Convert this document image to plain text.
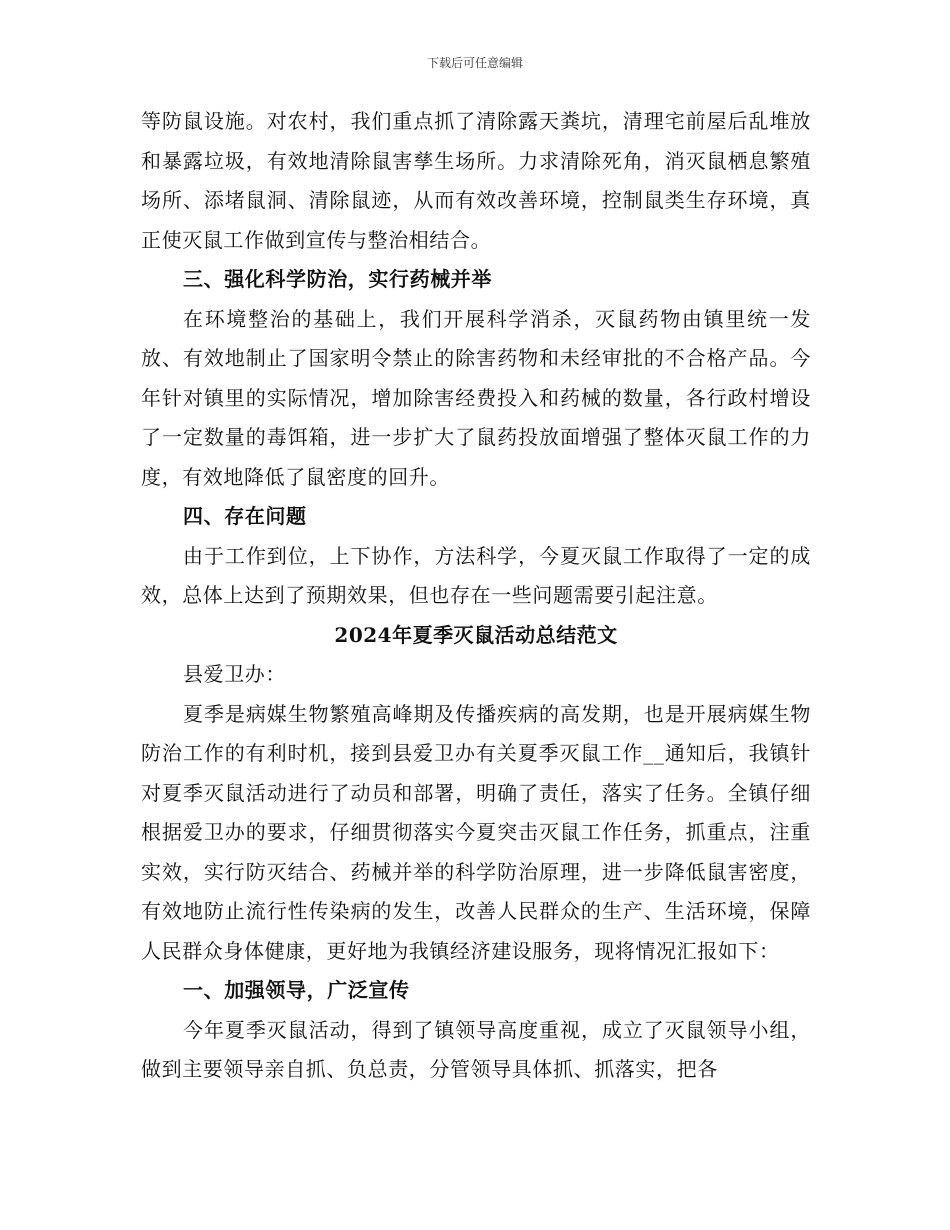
下载后可任意编辑

等防鼠设施。对农村，我们重点抓了清除露天粪坑，清理宅前屋后乱堆放和暴露垃圾，有效地清除鼠害孳生场所。力求清除死角，消灭鼠栖息繁殖场所、添堵鼠洞、清除鼠迹，从而有效改善环境，控制鼠类生存环境，真正使灭鼠工作做到宣传与整治相结合。

三、强化科学防治，实行药械并举

在环境整治的基础上，我们开展科学消杀，灭鼠药物由镇里统一发放、有效地制止了国家明令禁止的除害药物和未经审批的不合格产品。今年针对镇里的实际情况，增加除害经费投入和药械的数量，各行政村增设了一定数量的毒饵箱，进一步扩大了鼠药投放面增强了整体灭鼠工作的力度，有效地降低了鼠密度的回升。

四、存在问题

由于工作到位，上下协作，方法科学，今夏灭鼠工作取得了一定的成效，总体上达到了预期效果，但也存在一些问题需要引起注意。

2024年夏季灭鼠活动总结范文

县爱卫办：

夏季是病媒生物繁殖高峰期及传播疾病的高发期，也是开展病媒生物防治工作的有利时机，接到县爱卫办有关夏季灭鼠工作__通知后，我镇针对夏季灭鼠活动进行了动员和部署，明确了责任，落实了任务。全镇仔细根据爱卫办的要求，仔细贯彻落实今夏突击灭鼠工作任务，抓重点，注重实效，实行防灭结合、药械并举的科学防治原理，进一步降低鼠害密度，有效地防止流行性传染病的发生，改善人民群众的生产、生活环境，保障人民群众身体健康，更好地为我镇经济建设服务，现将情况汇报如下：

一、加强领导，广泛宣传

今年夏季灭鼠活动，得到了镇领导高度重视，成立了灭鼠领导小组，做到主要领导亲自抓、负总责，分管领导具体抓、抓落实，把各
